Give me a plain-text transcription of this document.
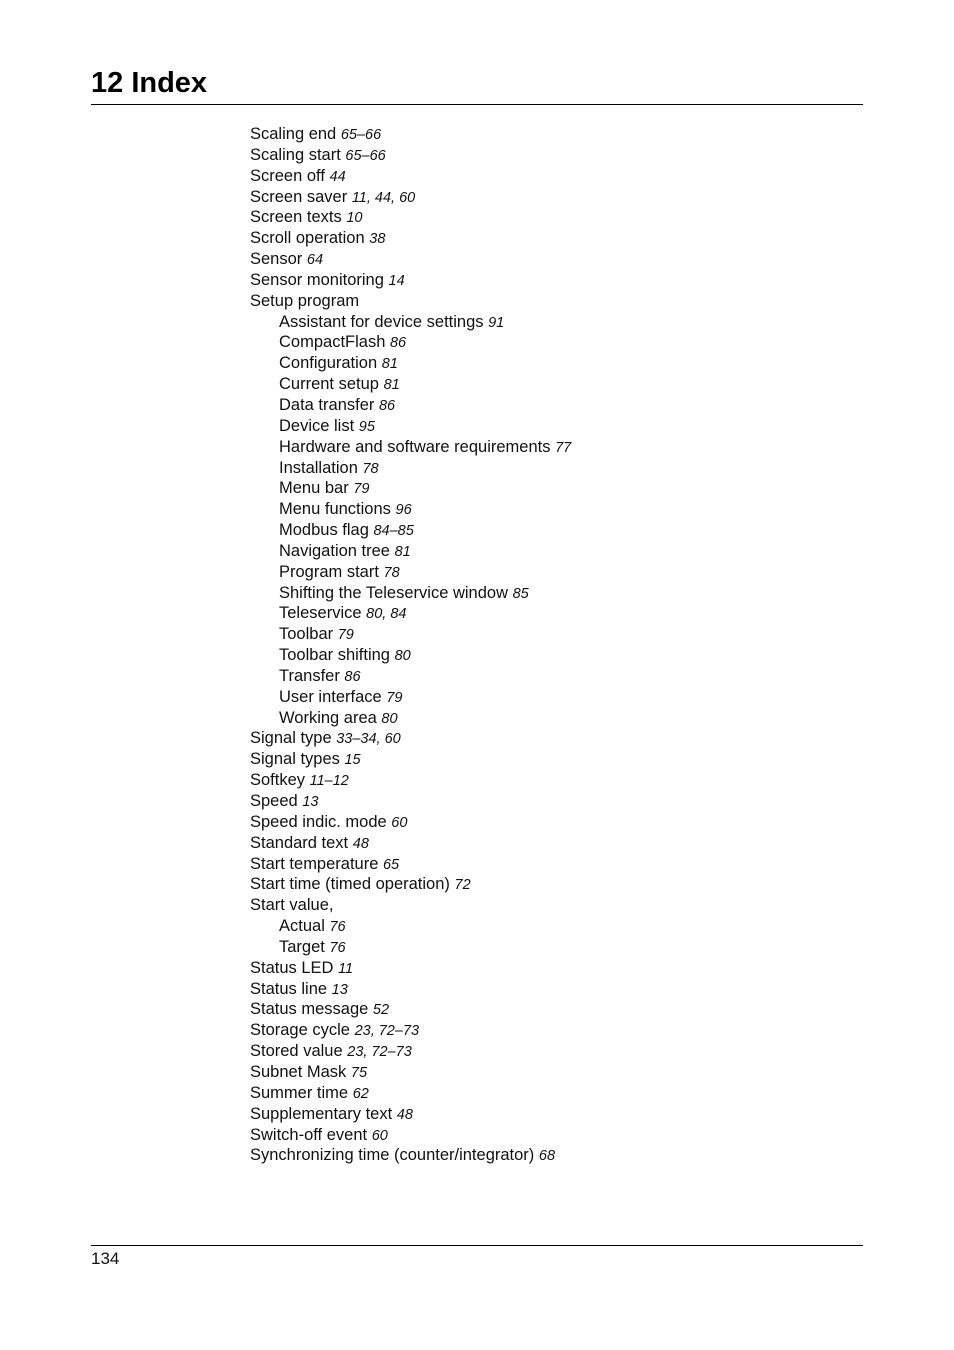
12 Index
Scaling end 65–66
Scaling start 65–66
Screen off 44
Screen saver 11, 44, 60
Screen texts 10
Scroll operation 38
Sensor 64
Sensor monitoring 14
Setup program
Assistant for device settings 91
CompactFlash 86
Configuration 81
Current setup 81
Data transfer 86
Device list 95
Hardware and software requirements 77
Installation 78
Menu bar 79
Menu functions 96
Modbus flag 84–85
Navigation tree 81
Program start 78
Shifting the Teleservice window 85
Teleservice 80, 84
Toolbar 79
Toolbar shifting 80
Transfer 86
User interface 79
Working area 80
Signal type 33–34, 60
Signal types 15
Softkey 11–12
Speed 13
Speed indic. mode 60
Standard text 48
Start temperature 65
Start time (timed operation) 72
Start value,
Actual 76
Target 76
Status LED 11
Status line 13
Status message 52
Storage cycle 23, 72–73
Stored value 23, 72–73
Subnet Mask 75
Summer time 62
Supplementary text 48
Switch-off event 60
Synchronizing time (counter/integrator) 68
134
